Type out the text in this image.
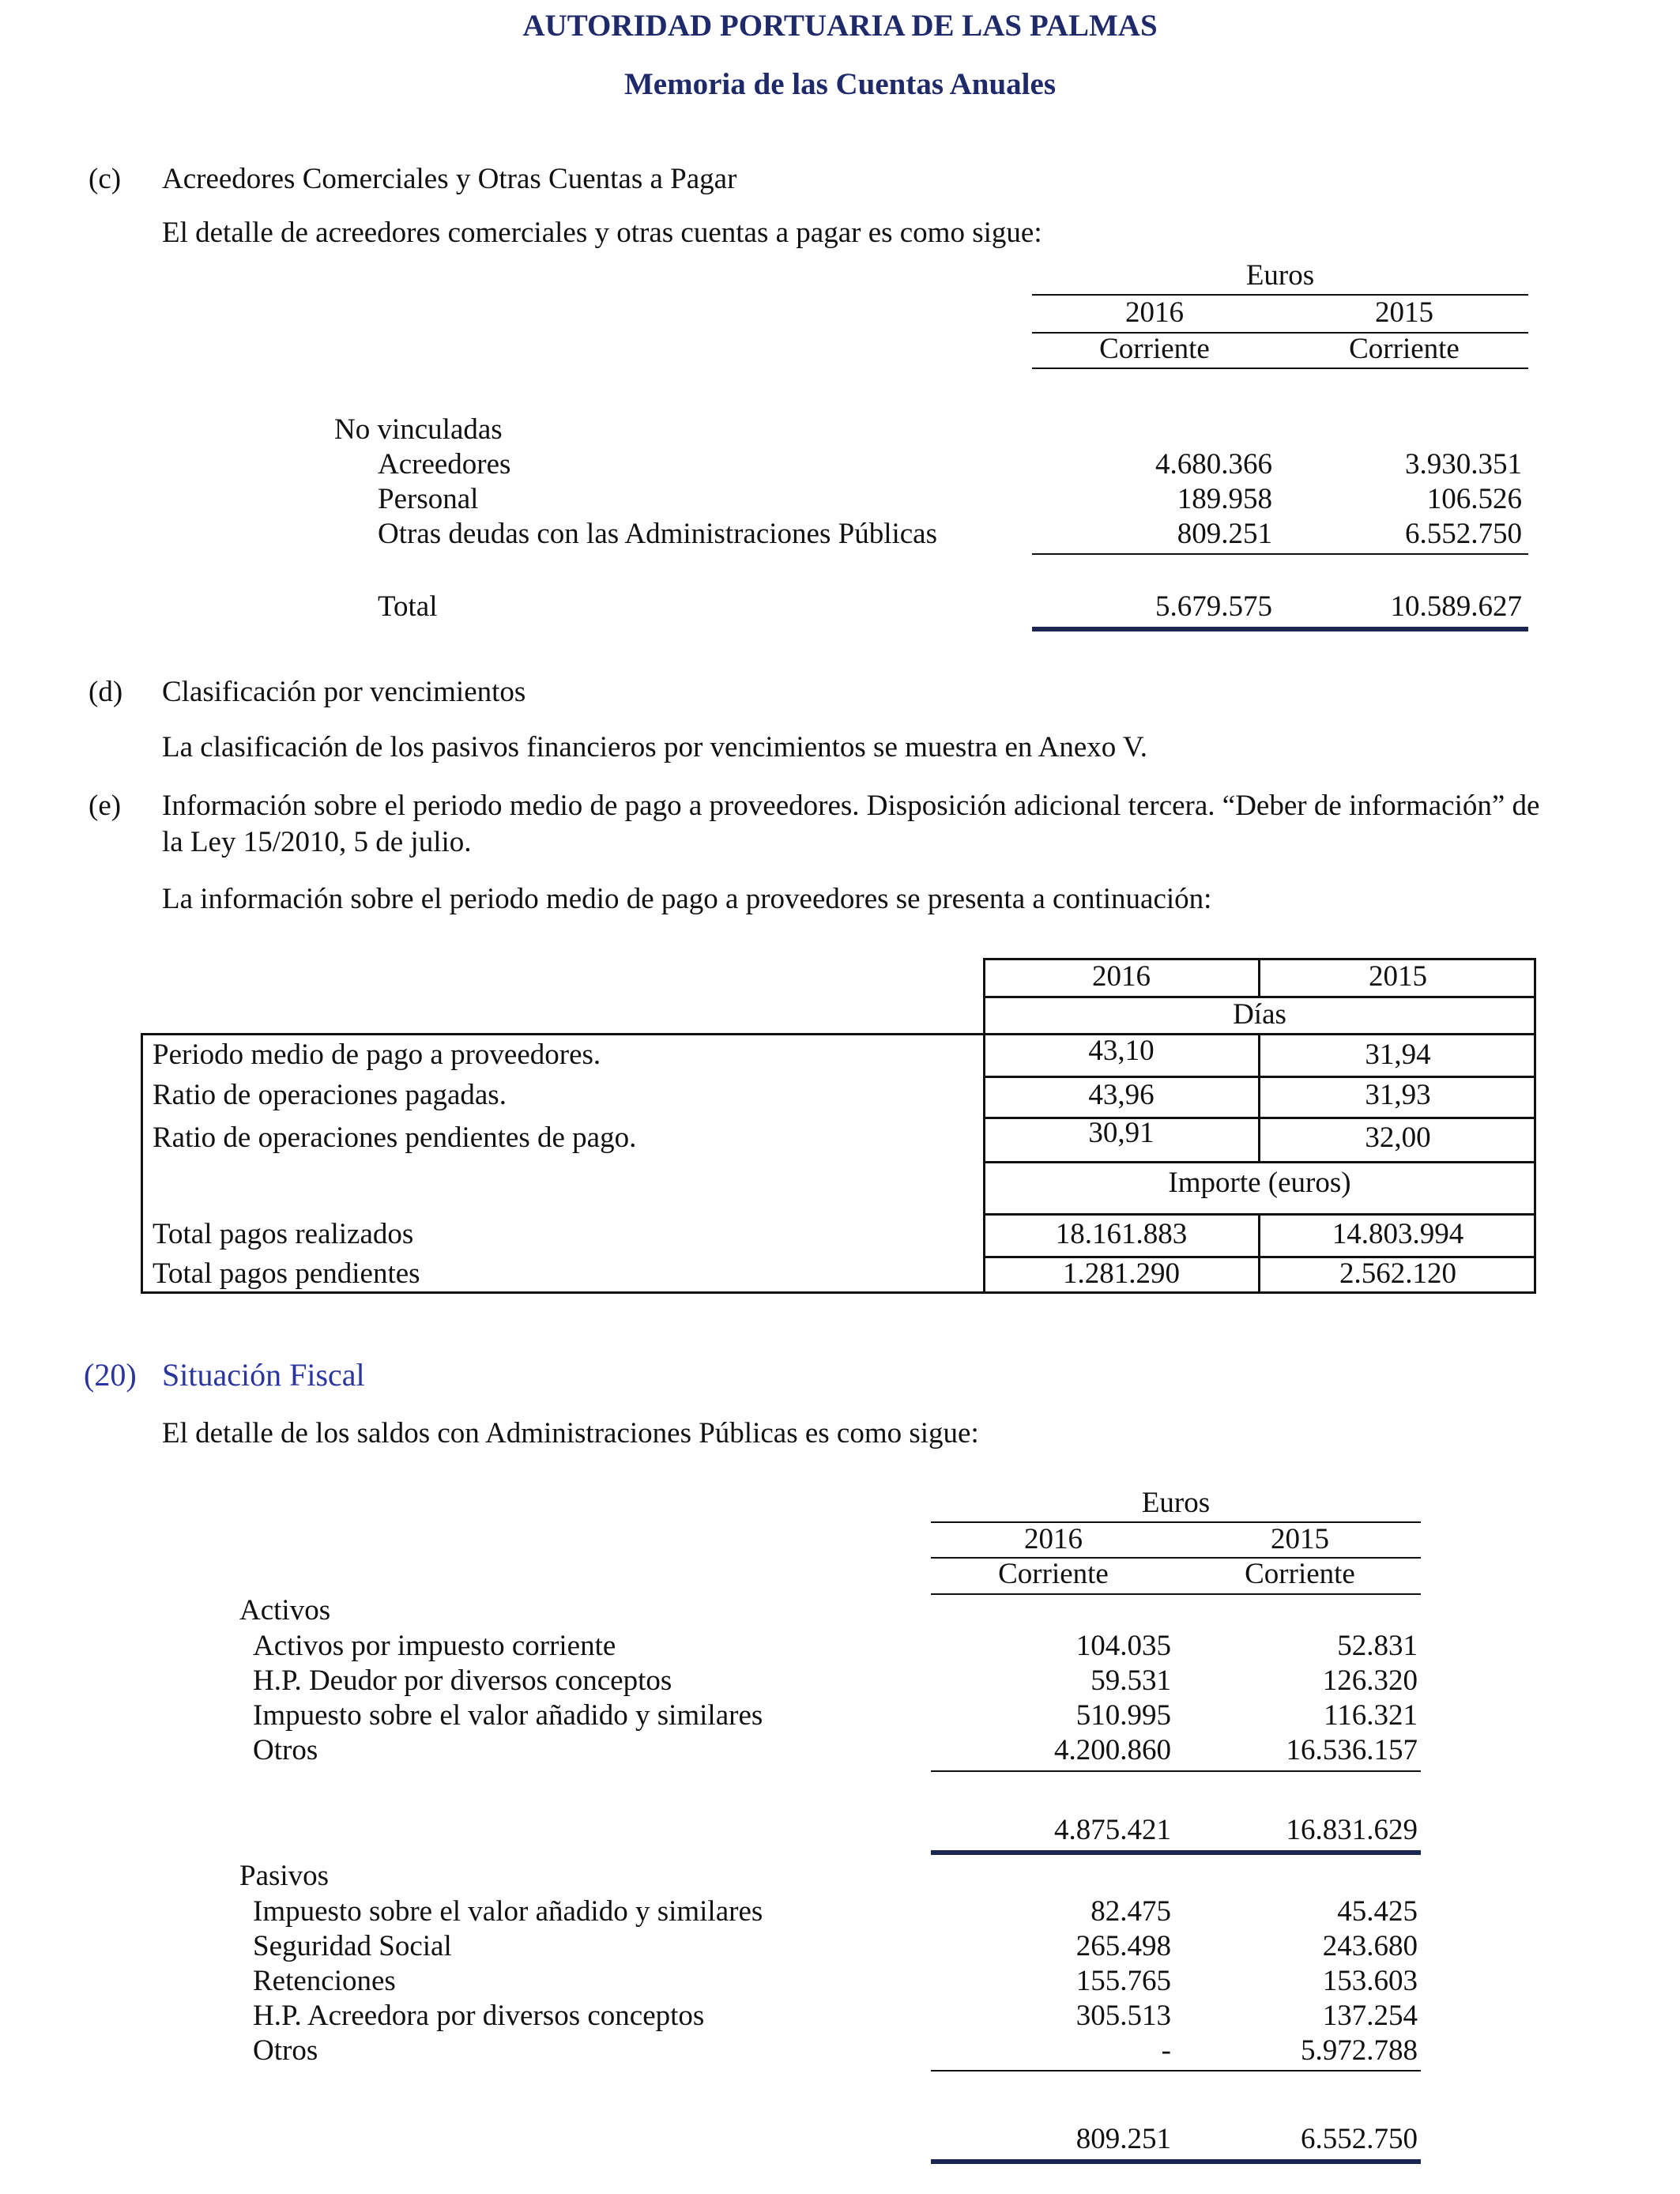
AUTORIDAD PORTUARIA DE LAS PALMAS
Memoria de las Cuentas Anuales
(c) Acreedores Comerciales y Otras Cuentas a Pagar
El detalle de acreedores comerciales y otras cuentas a pagar es como sigue:
Euros
2016	2015
Corriente	Corriente
No vinculadas
Acreedores	4.680.366	3.930.351
Personal	189.958	106.526
Otras deudas con las Administraciones Públicas	809.251	6.552.750
Total	5.679.575	10.589.627
(d) Clasificación por vencimientos
La clasificación de los pasivos financieros por vencimientos se muestra en Anexo V.
(e) Información sobre el periodo medio de pago a proveedores. Disposición adicional tercera. “Deber de información” de
la Ley 15/2010, 5 de julio.
La información sobre el periodo medio de pago a proveedores se presenta a continuación:
2016	2015
Días
Periodo medio de pago a proveedores.	43,10	31,94
Ratio de operaciones pagadas.	43,96	31,93
Ratio de operaciones pendientes de pago.	30,91	32,00
Importe (euros)
Total pagos realizados	18.161.883	14.803.994
Total pagos pendientes	1.281.290	2.562.120
(20) Situación Fiscal
El detalle de los saldos con Administraciones Públicas es como sigue:
Euros
2016	2015
Corriente	Corriente
Activos
Activos por impuesto corriente	104.035	52.831
H.P. Deudor por diversos conceptos	59.531	126.320
Impuesto sobre el valor añadido y similares	510.995	116.321
Otros	4.200.860	16.536.157
4.875.421	16.831.629
Pasivos
Impuesto sobre el valor añadido y similares	82.475	45.425
Seguridad Social	265.498	243.680
Retenciones	155.765	153.603
H.P. Acreedora por diversos conceptos	305.513	137.254
Otros	-	5.972.788
809.251	6.552.750
